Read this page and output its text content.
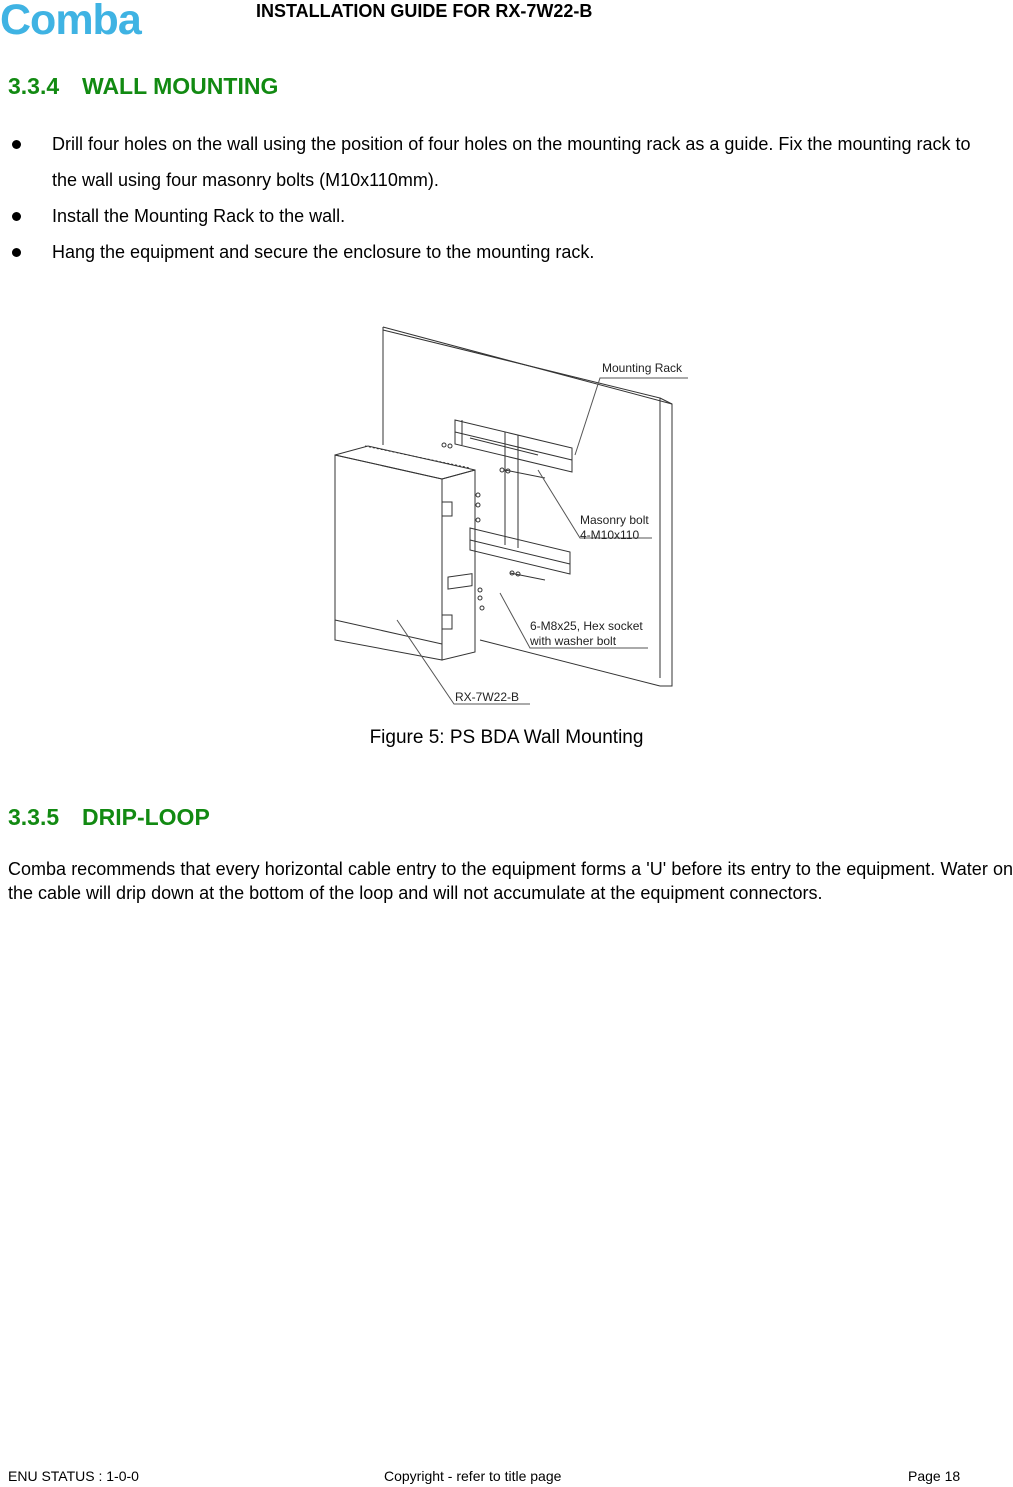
Comba	INSTALLATION GUIDE FOR RX-7W22-B
3.3.4 WALL MOUNTING
Drill four holes on the wall using the position of four holes on the mounting rack as a guide. Fix the mounting rack to the wall using four masonry bolts (M10x110mm).
Install the Mounting Rack to the wall.
Hang the equipment and secure the enclosure to the mounting rack.
Mounting Rack
Masonry bolt
4-M10x110
6-M8x25, Hex socket
with washer bolt
RX-7W22-B
Figure 5: PS BDA Wall Mounting
3.3.5 DRIP-LOOP
Comba recommends that every horizontal cable entry to the equipment forms a 'U' before its entry to the equipment. Water on the cable will drip down at the bottom of the loop and will not accumulate at the equipment connectors.
ENU STATUS : 1-0-0	Copyright - refer to title page	Page 18
